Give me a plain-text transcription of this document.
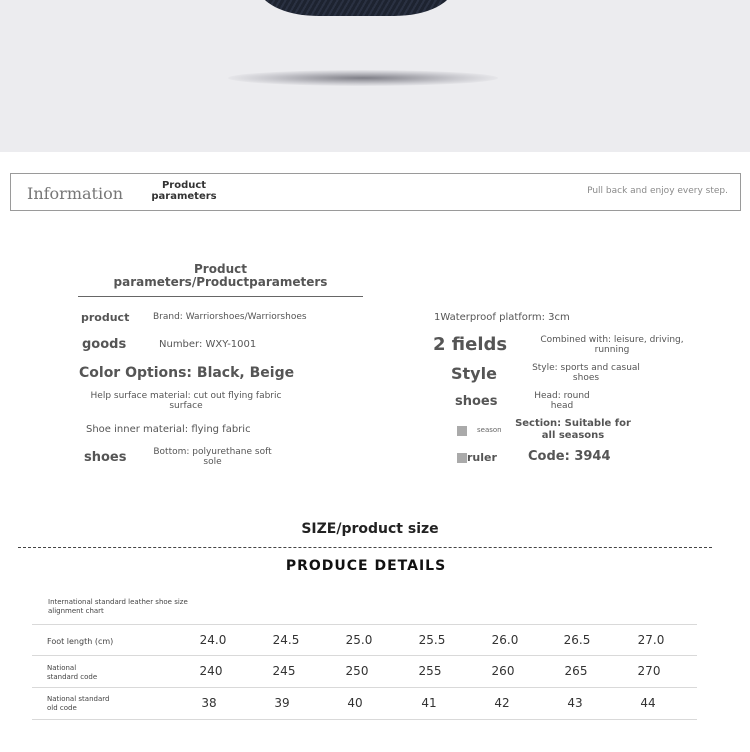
Information	Product
parameters	Pull back and enjoy every step.
Product
parameters/Productparameters
product	Brand: Warriorshoes/Warriorshoes
goods	Number: WXY-1001
Color Options: Black, Beige
Help surface material: cut out flying fabric
surface
Shoe inner material: flying fabric
shoes	Bottom: polyurethane soft
sole
1Waterproof platform: 3cm
2 fields	Combined with: leisure, driving,
running
Style	Style: sports and casual
shoes
shoes	Head: round
head
season
Section: Suitable for
all seasons
ruler Code: 3944
SIZE/product size
PRODUCE DETAILS
International standard leather shoe size alignment chart
Foot length (cm)	24.0	24.5	25.0	25.5	26.0	26.5	27.0
National
standard code	240	245	250	255	260	265	270
National standard
old code	38	39	40	41	42	43	44
